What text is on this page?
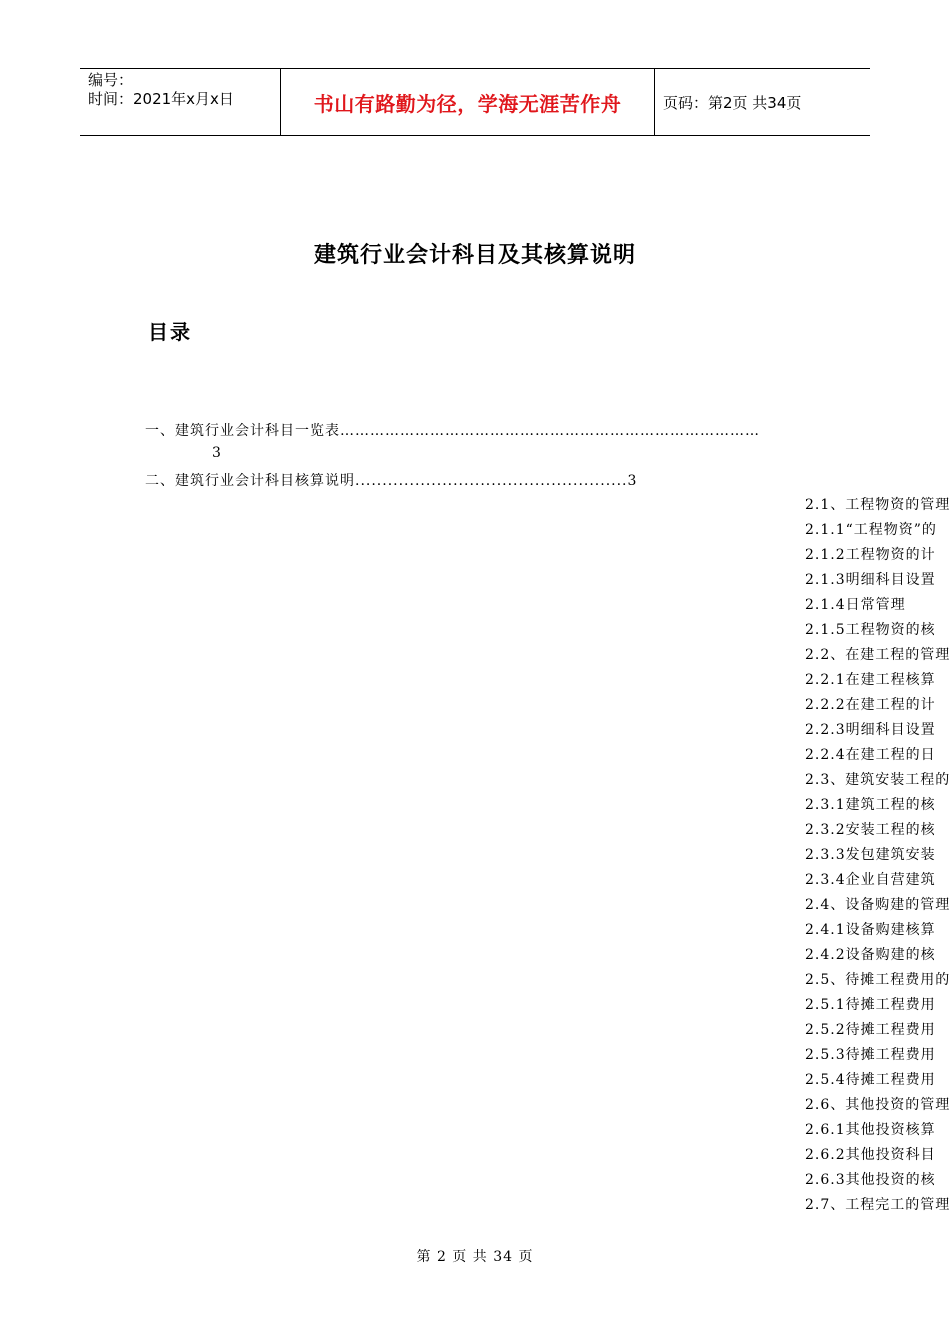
编号：
时间：2021年x月x日	书山有路勤为径，学海无涯苦作舟	页码：第2页 共34页
建筑行业会计科目及其核算说明
目录
一、建筑行业会计科目一览表…………………………………………………………………………
3
二、建筑行业会计科目核算说明..................................................3
2.1、工程物资的管理
2.1.1“工程物资”的
2.1.2工程物资的计
2.1.3明细科目设置
2.1.4日常管理
2.1.5工程物资的核
2.2、在建工程的管理
2.2.1在建工程核算
2.2.2在建工程的计
2.2.3明细科目设置
2.2.4在建工程的日
2.3、建筑安装工程的
2.3.1建筑工程的核
2.3.2安装工程的核
2.3.3发包建筑安装
2.3.4企业自营建筑
2.4、设备购建的管理
2.4.1设备购建核算
2.4.2设备购建的核
2.5、待摊工程费用的
2.5.1待摊工程费用
2.5.2待摊工程费用
2.5.3待摊工程费用
2.5.4待摊工程费用
2.6、其他投资的管理
2.6.1其他投资核算
2.6.2其他投资科目
2.6.3其他投资的核
2.7、工程完工的管理
第 2 页 共 34 页
